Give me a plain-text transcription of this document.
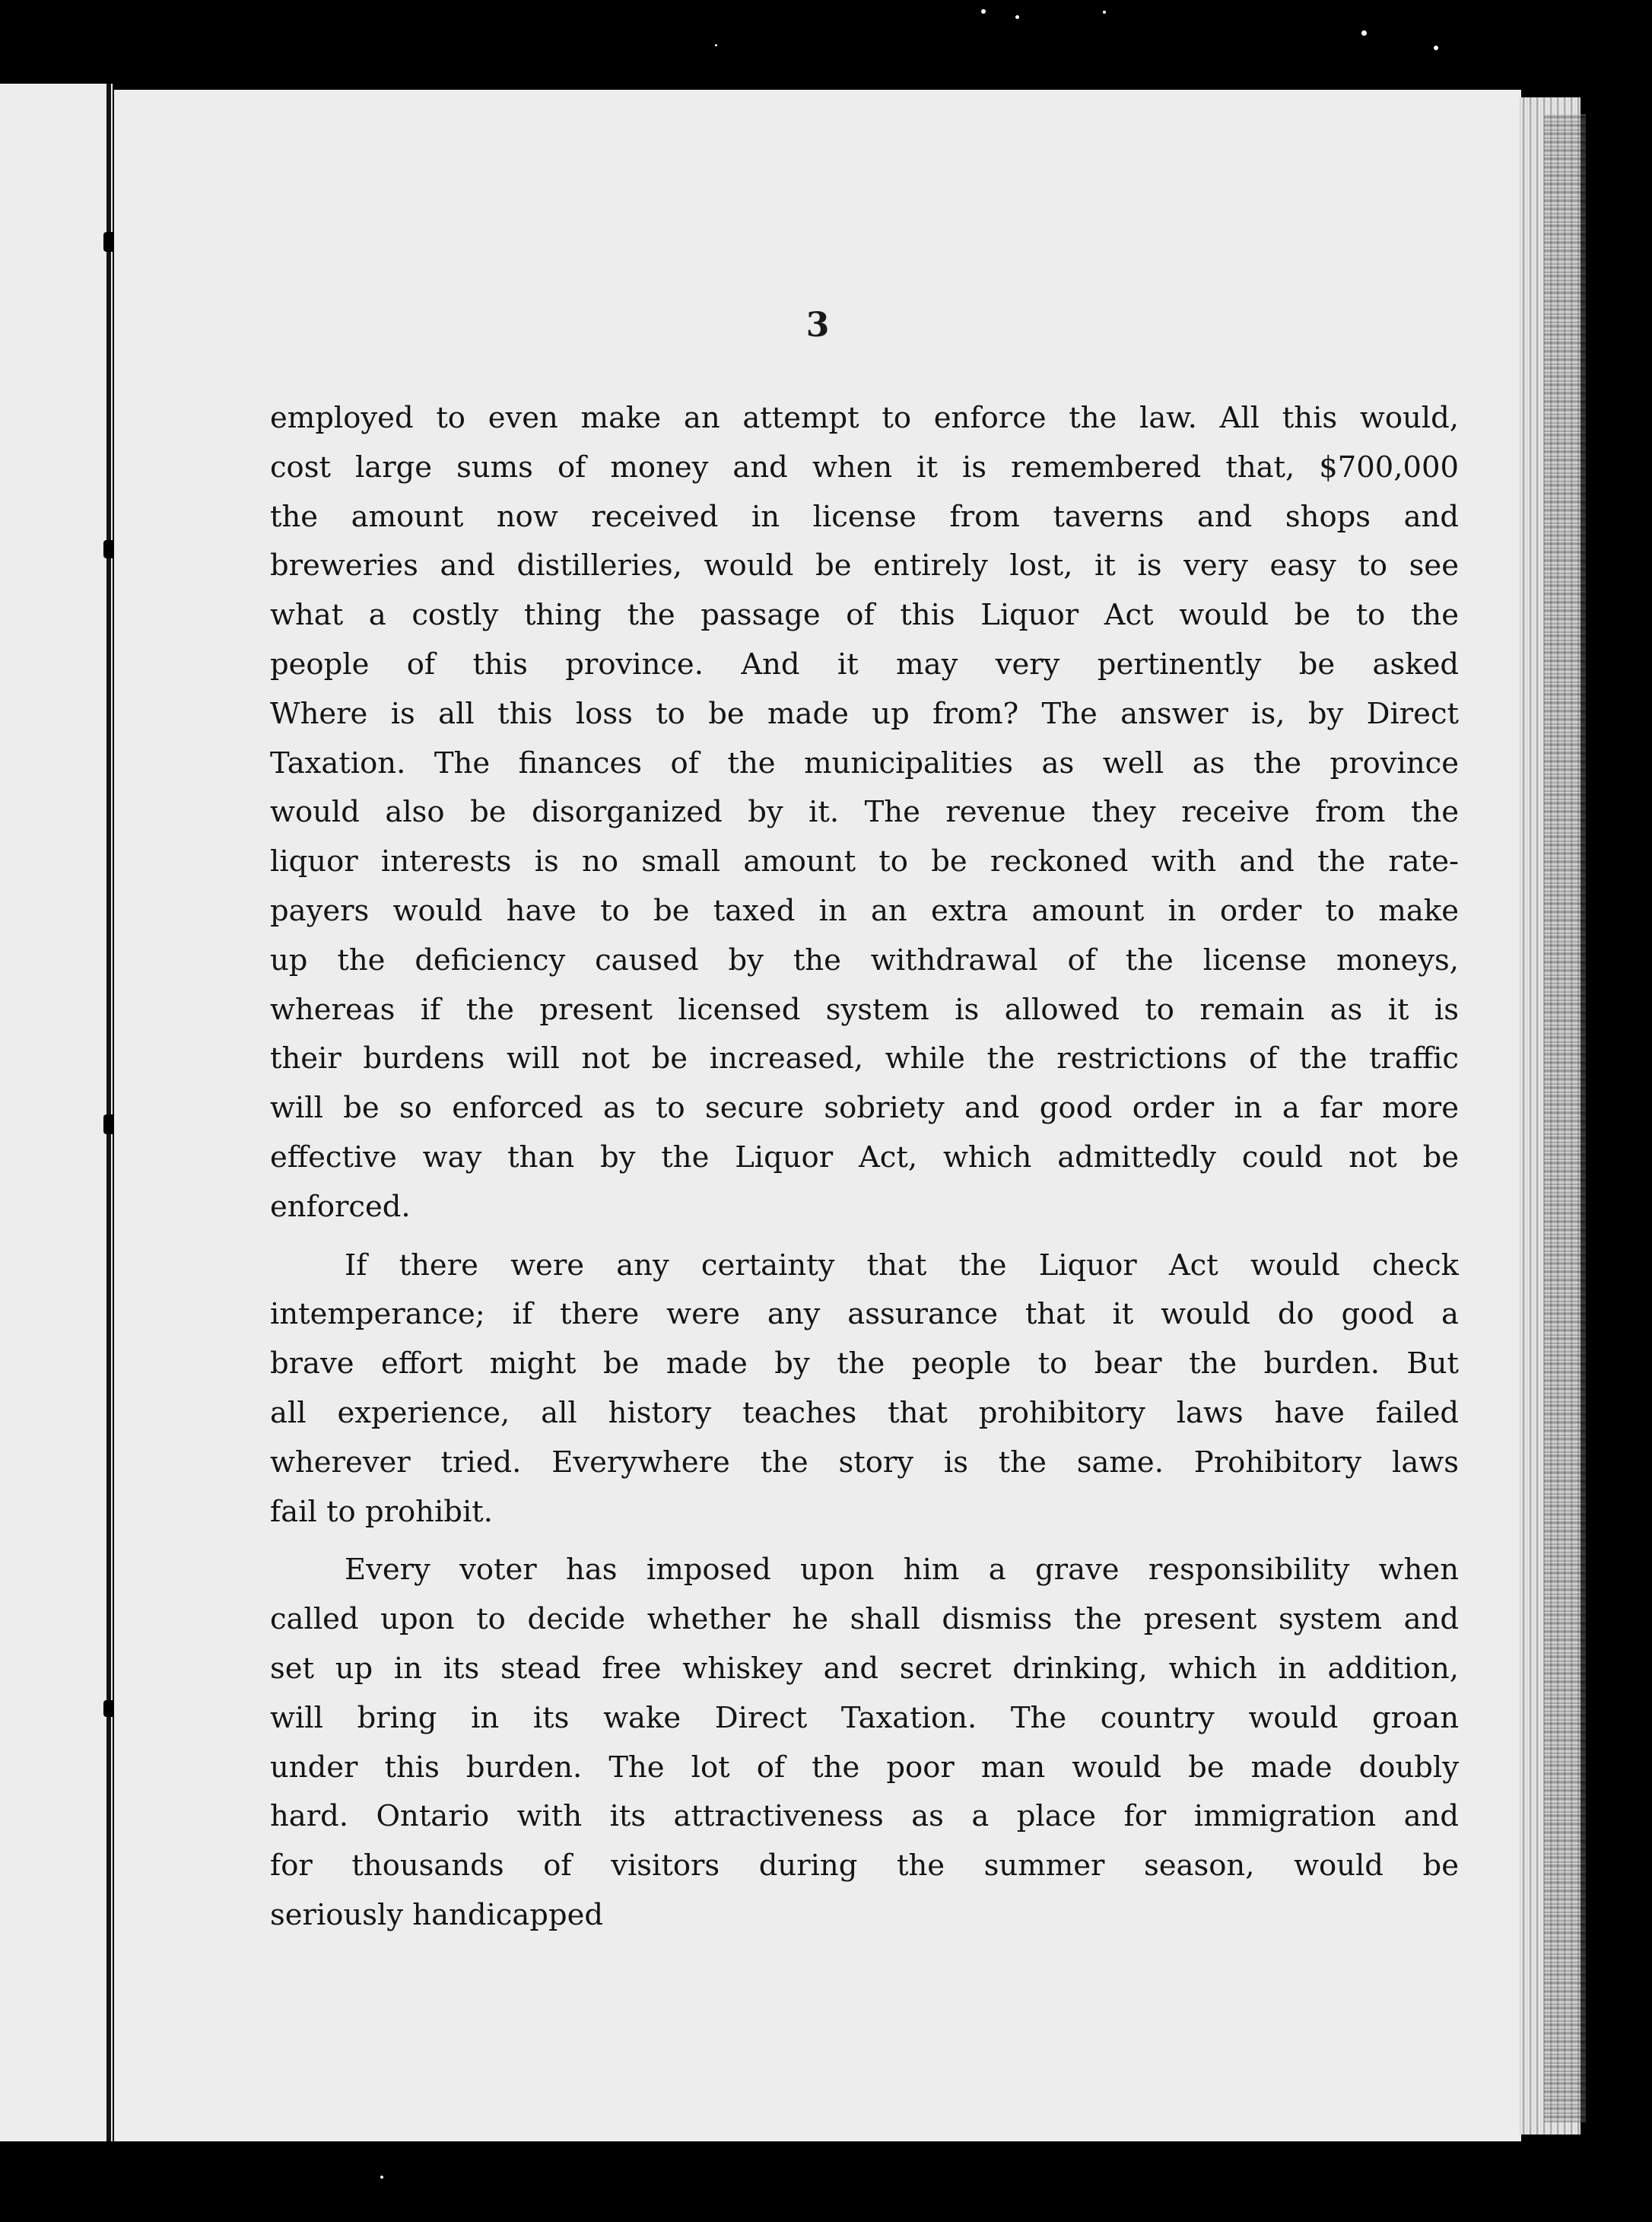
3
employed to even make an attempt to enforce the law. All this would,
cost large sums of money and when it is remembered that, $700,000
the amount now received in license from taverns and shops and
breweries and distilleries, would be entirely lost, it is very easy to see
what a costly thing the passage of this Liquor Act would be to the
people of this province. And it may very pertinently be asked
Where is all this loss to be made up from? The answer is, by Direct
Taxation. The finances of the municipalities as well as the province
would also be disorganized by it. The revenue they receive from the
liquor interests is no small amount to be reckoned with and the rate-
payers would have to be taxed in an extra amount in order to make
up the deficiency caused by the withdrawal of the license moneys,
whereas if the present licensed system is allowed to remain as it is
their burdens will not be increased, while the restrictions of the traffic
will be so enforced as to secure sobriety and good order in a far more
effective way than by the Liquor Act, which admittedly could not be
enforced.
If there were any certainty that the Liquor Act would check
intemperance; if there were any assurance that it would do good a
brave effort might be made by the people to bear the burden. But
all experience, all history teaches that prohibitory laws have failed
wherever tried. Everywhere the story is the same. Prohibitory laws
fail to prohibit.
Every voter has imposed upon him a grave responsibility when
called upon to decide whether he shall dismiss the present system and
set up in its stead free whiskey and secret drinking, which in addition,
will bring in its wake Direct Taxation. The country would groan
under this burden. The lot of the poor man would be made doubly
hard. Ontario with its attractiveness as a place for immigration and
for thousands of visitors during the summer season, would be
seriously handicapped
